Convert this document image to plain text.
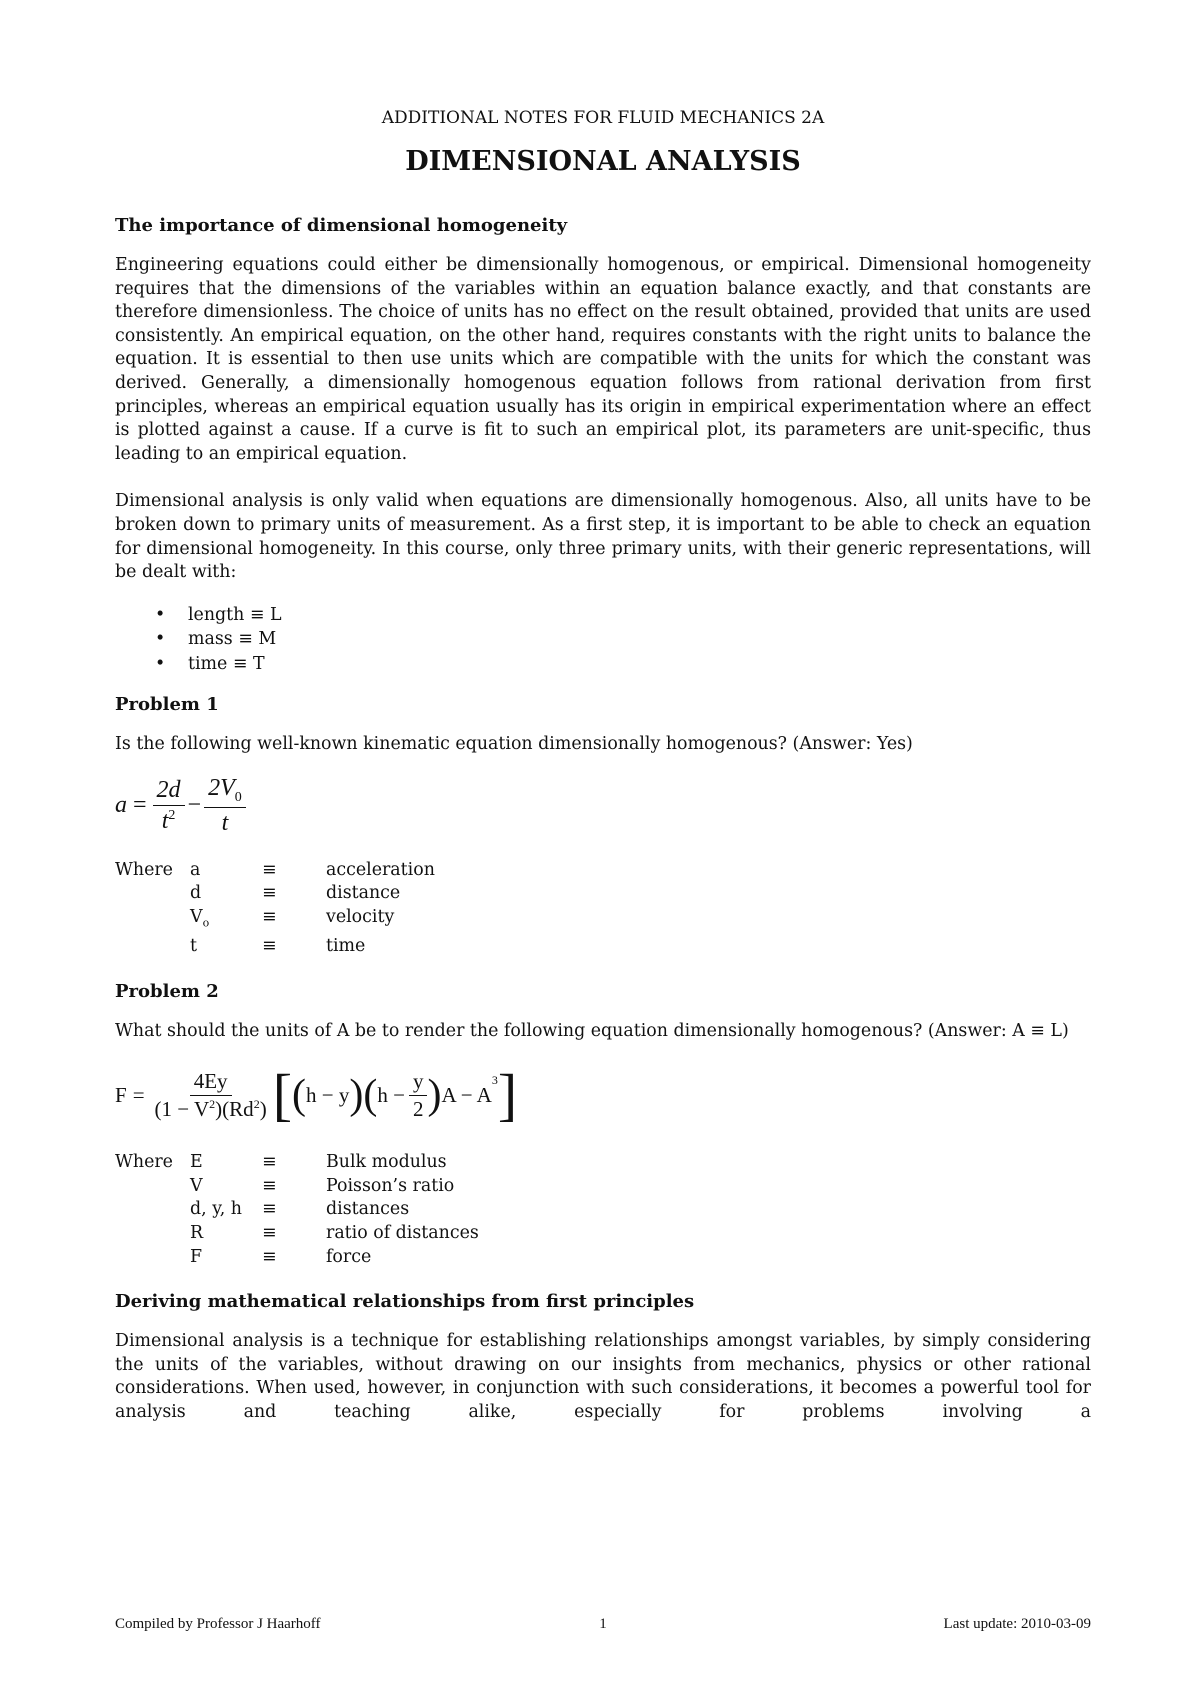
ADDITIONAL NOTES FOR FLUID MECHANICS 2A
DIMENSIONAL ANALYSIS
The importance of dimensional homogeneity

Engineering equations could either be dimensionally homogenous, or empirical. Dimensional homogeneity requires that the dimensions of the variables within an equation balance exactly, and that constants are therefore dimensionless. The choice of units has no effect on the result obtained, provided that units are used consistently. An empirical equation, on the other hand, requires constants with the right units to balance the equation. It is essential to then use units which are compatible with the units for which the constant was derived. Generally, a dimensionally homogenous equation follows from rational derivation from first principles, whereas an empirical equation usually has its origin in empirical experimentation where an effect is plotted against a cause. If a curve is fit to such an empirical plot, its parameters are unit-specific, thus leading to an empirical equation.

Dimensional analysis is only valid when equations are dimensionally homogenous. Also, all units have to be broken down to primary units of measurement. As a first step, it is important to be able to check an equation for dimensional homogeneity. In this course, only three primary units, with their generic representations, will be dealt with:

• length ≡ L
• mass ≡ M
• time ≡ T
Problem 1

Is the following well-known kinematic equation dimensionally homogenous? (Answer: Yes)

$a = \frac{2d}{t^2} - \frac{2V_0}{t}$
Where	a	≡	acceleration
	d	≡	distance
	$V_o$	≡	velocity
	t	≡	time
Problem 2

What should the units of A be to render the following equation dimensionally homogenous? (Answer: A ≡ L)

$F = \frac{4Ey}{(1 - V^2)(Rd^2)}$ [ ( h − y ) ( $h - \frac{y}{2}$ ) A − A
$^3$ ]
Where	E	≡	Bulk modulus
	V	≡	Poisson’s ratio
	d, y, h	≡	distances
	R	≡	ratio of distances
	F	≡	force
Deriving mathematical relationships from first principles

Dimensional analysis is a technique for establishing relationships amongst variables, by simply considering the units of the variables, without drawing on our insights from mechanics, physics or other rational considerations. When used, however, in conjunction with such considerations, it becomes a powerful tool for analysis and teaching alike, especially for problems involving a

Compiled by Professor J Haarhoff	1	Last update: 2010-03-09
